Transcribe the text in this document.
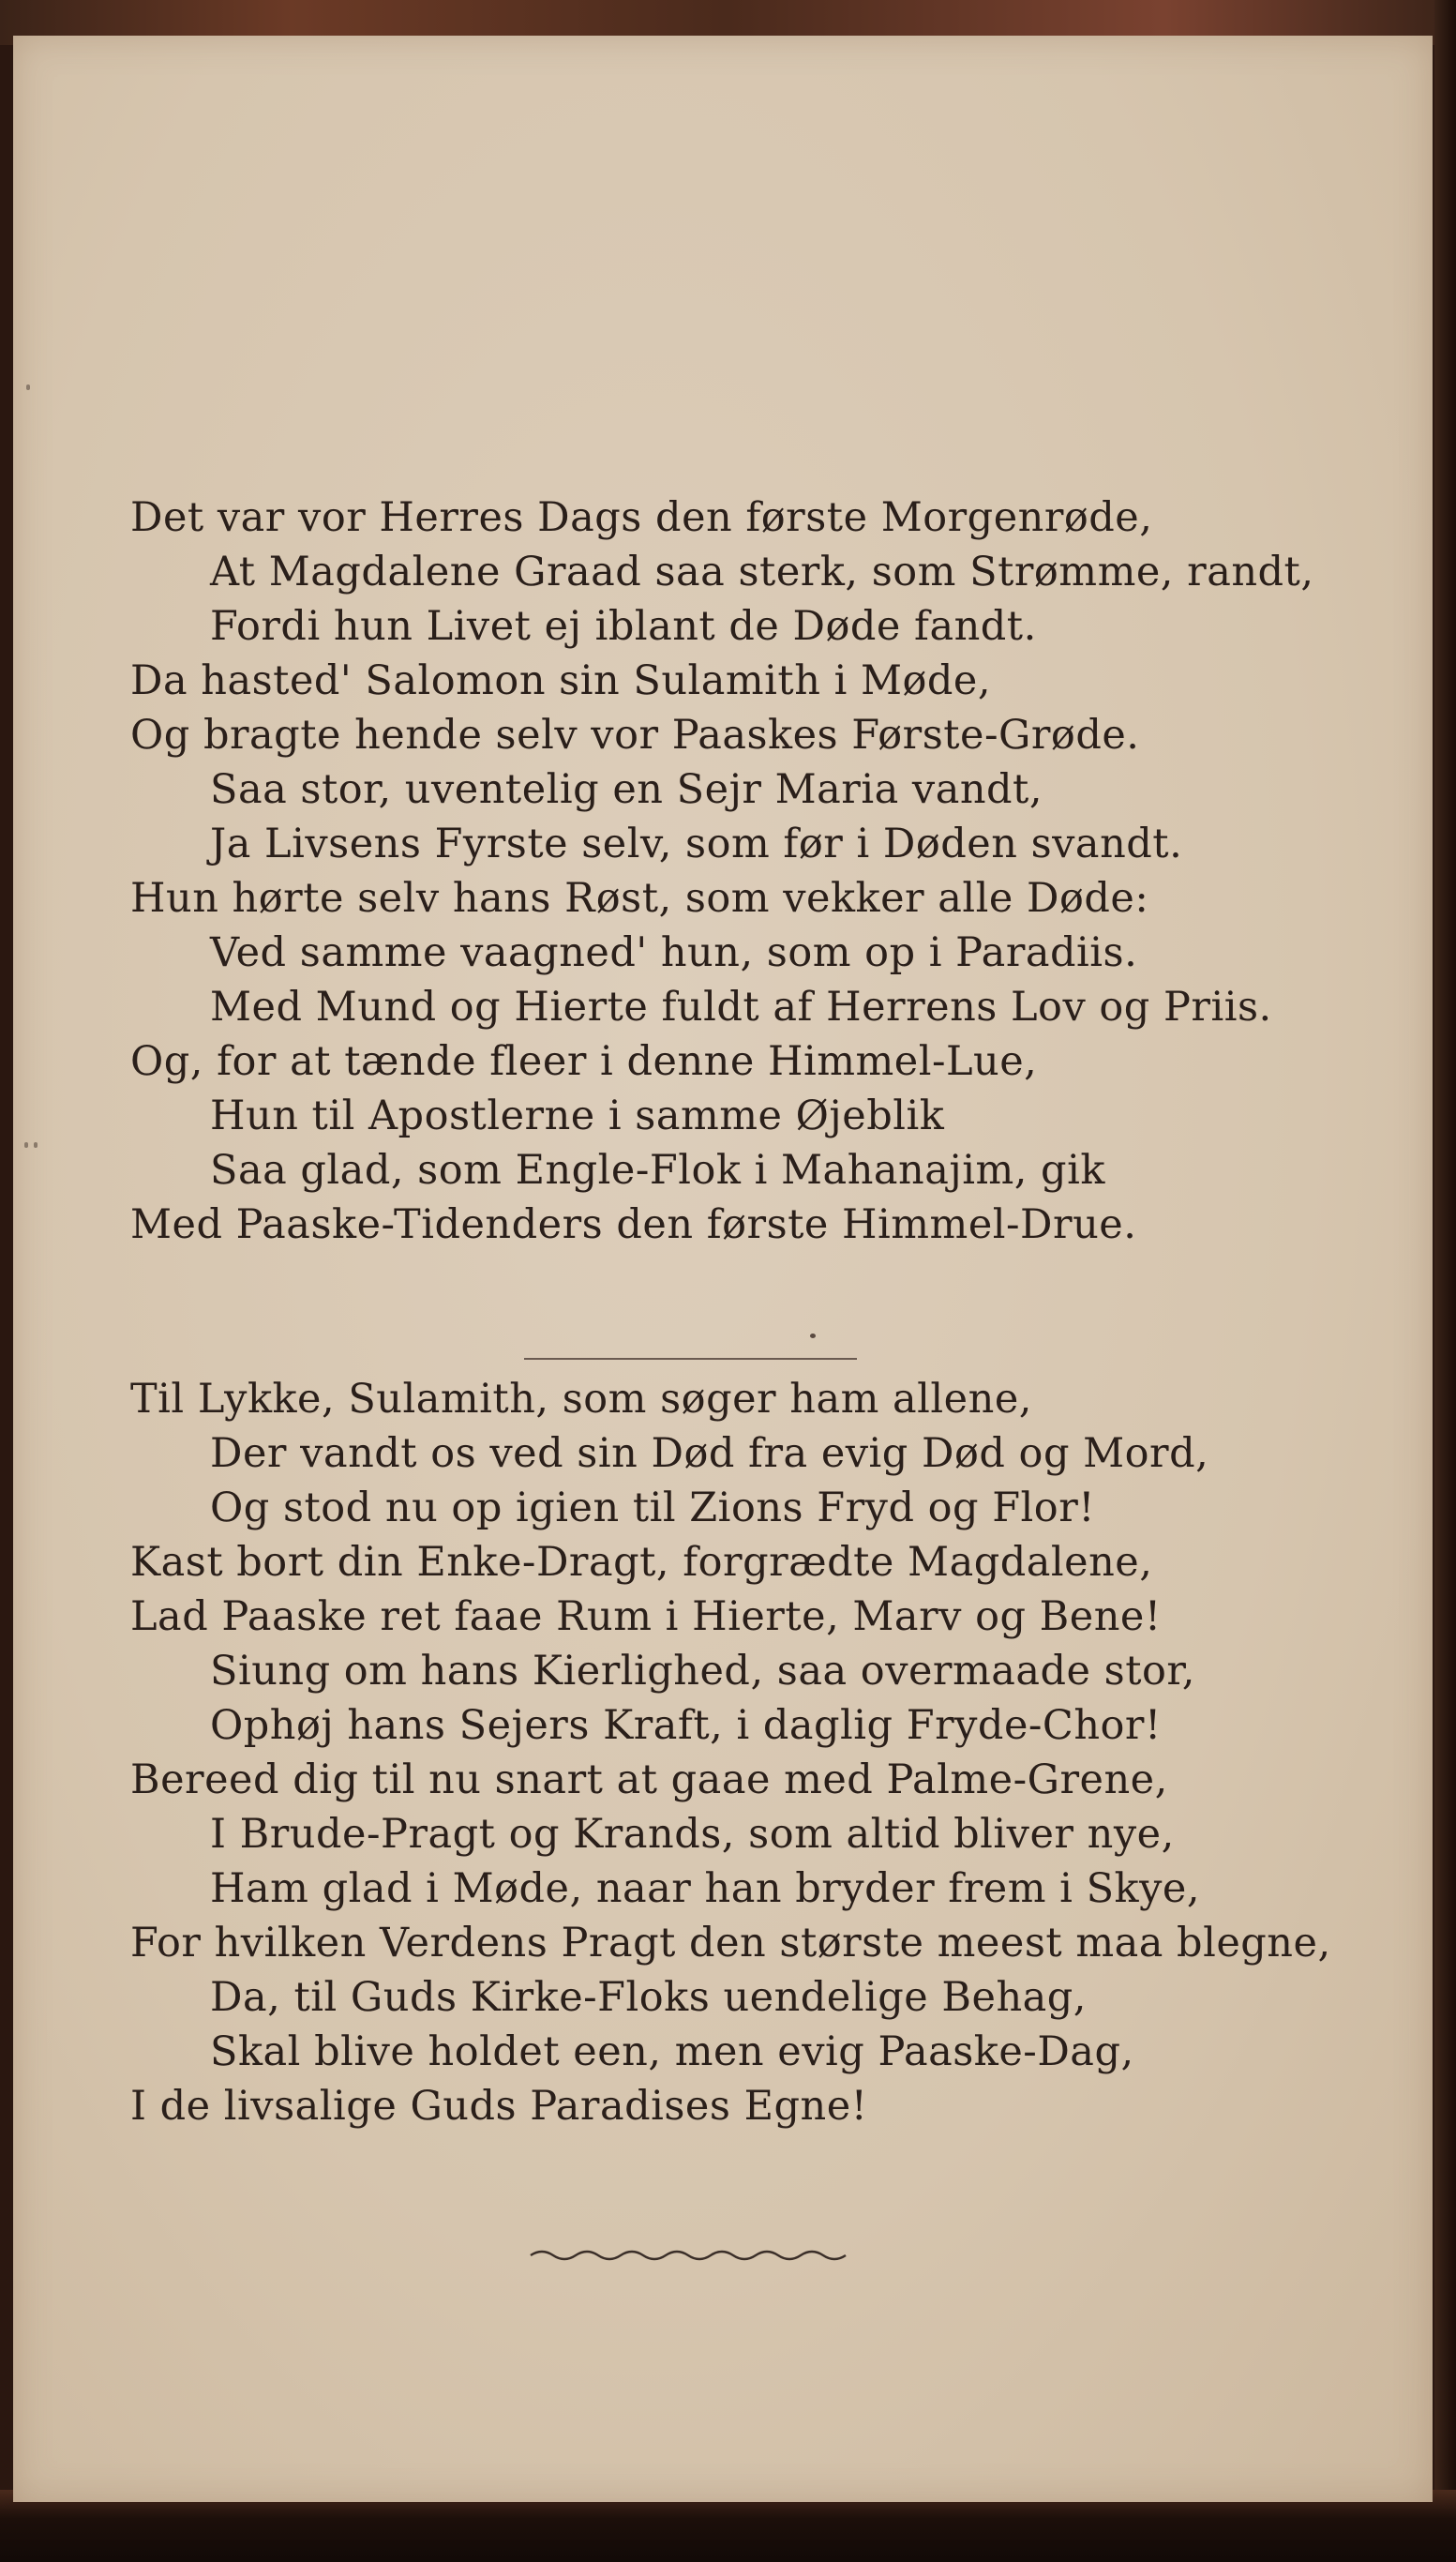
Det var vor Herres Dags den første Morgenrøde,
At Magdalene Graad saa sterk, som Strømme, randt,
Fordi hun Livet ej iblant de Døde fandt.
Da hasted' Salomon sin Sulamith i Møde,
Og bragte hende selv vor Paaskes Første-Grøde.
Saa stor, uventelig en Sejr Maria vandt,
Ja Livsens Fyrste selv, som før i Døden svandt.
Hun hørte selv hans Røst, som vekker alle Døde:
Ved samme vaagned' hun, som op i Paradiis.
Med Mund og Hierte fuldt af Herrens Lov og Priis.
Og, for at tænde fleer i denne Himmel-Lue,
Hun til Apostlerne i samme Øjeblik
Saa glad, som Engle-Flok i Mahanajim, gik
Med Paaske-Tidenders den første Himmel-Drue.
Til Lykke, Sulamith, som søger ham allene,
Der vandt os ved sin Død fra evig Død og Mord,
Og stod nu op igien til Zions Fryd og Flor!
Kast bort din Enke-Dragt, forgrædte Magdalene,
Lad Paaske ret faae Rum i Hierte, Marv og Bene!
Siung om hans Kierlighed, saa overmaade stor,
Ophøj hans Sejers Kraft, i daglig Fryde-Chor!
Bereed dig til nu snart at gaae med Palme-Grene,
I Brude-Pragt og Krands, som altid bliver nye,
Ham glad i Møde, naar han bryder frem i Skye,
For hvilken Verdens Pragt den største meest maa blegne,
Da, til Guds Kirke-Floks uendelige Behag,
Skal blive holdet een, men evig Paaske-Dag,
I de livsalige Guds Paradises Egne!
